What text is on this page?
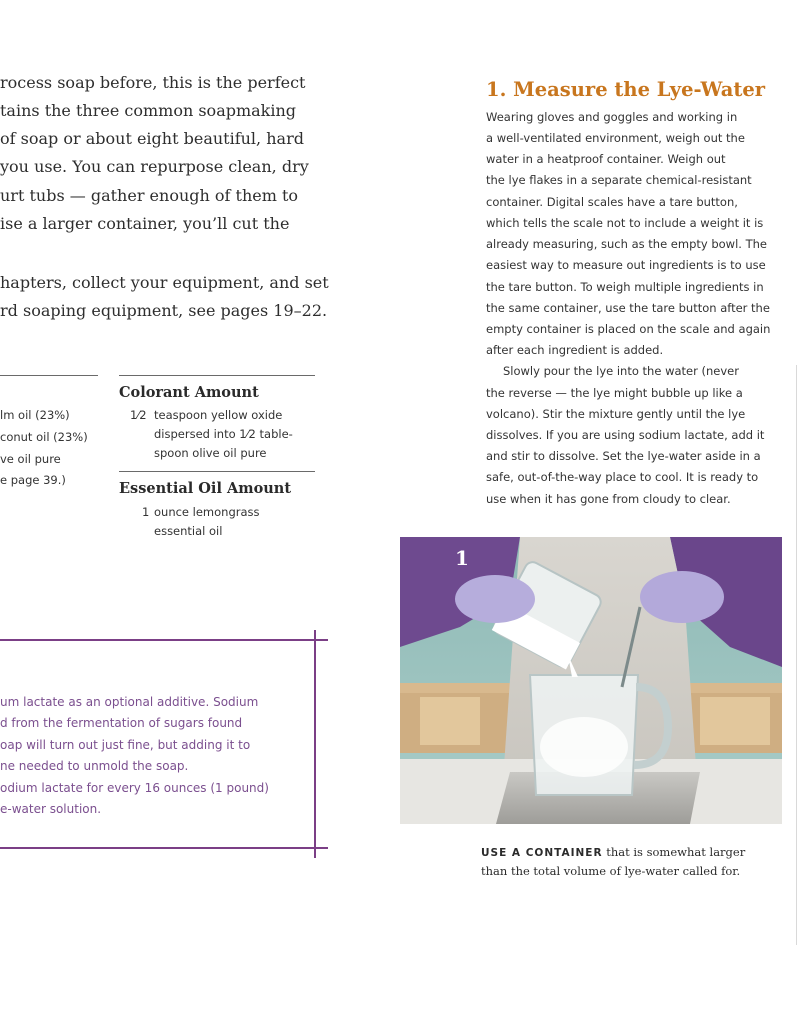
rocess soap before, this is the perfect
tains the three common soapmaking
of soap or about eight beautiful, hard
you use. You can repurpose clean, dry
urt tubs — gather enough of them to
ise a larger container, you’ll cut the
hapters, collect your equipment, and set
rd soaping equipment, see pages 19–22.
lm oil (23%)
conut oil (23%)
ve oil pure
e page 39.)
Colorant Amount
1⁄2 teaspoon yellow oxide
dispersed into 1⁄2 table-
spoon olive oil pure
Essential Oil Amount
1 ounce lemongrass
essential oil
um lactate as an optional additive. Sodium
d from the fermentation of sugars found
oap will turn out just fine, but adding it to
ne needed to unmold the soap.
odium lactate for every 16 ounces (1 pound)
e-water solution.
1. Measure the Lye-Water
Wearing gloves and goggles and working in
a well-ventilated environment, weigh out the
water in a heatproof container. Weigh out
the lye flakes in a separate chemical-resistant
container. Digital scales have a tare button,
which tells the scale not to include a weight it is
already measuring, such as the empty bowl. The
easiest way to measure out ingredients is to use
the tare button. To weigh multiple ingredients in
the same container, use the tare button after the
empty container is placed on the scale and again
after each ingredient is added.
Slowly pour the lye into the water (never
the reverse — the lye might bubble up like a
volcano). Stir the mixture gently until the lye
dissolves. If you are using sodium lactate, add it
and stir to dissolve. Set the lye-water aside in a
safe, out-of-the-way place to cool. It is ready to
use when it has gone from cloudy to clear.
1
USE A CONTAINER that is somewhat larger
than the total volume of lye-water called for.
